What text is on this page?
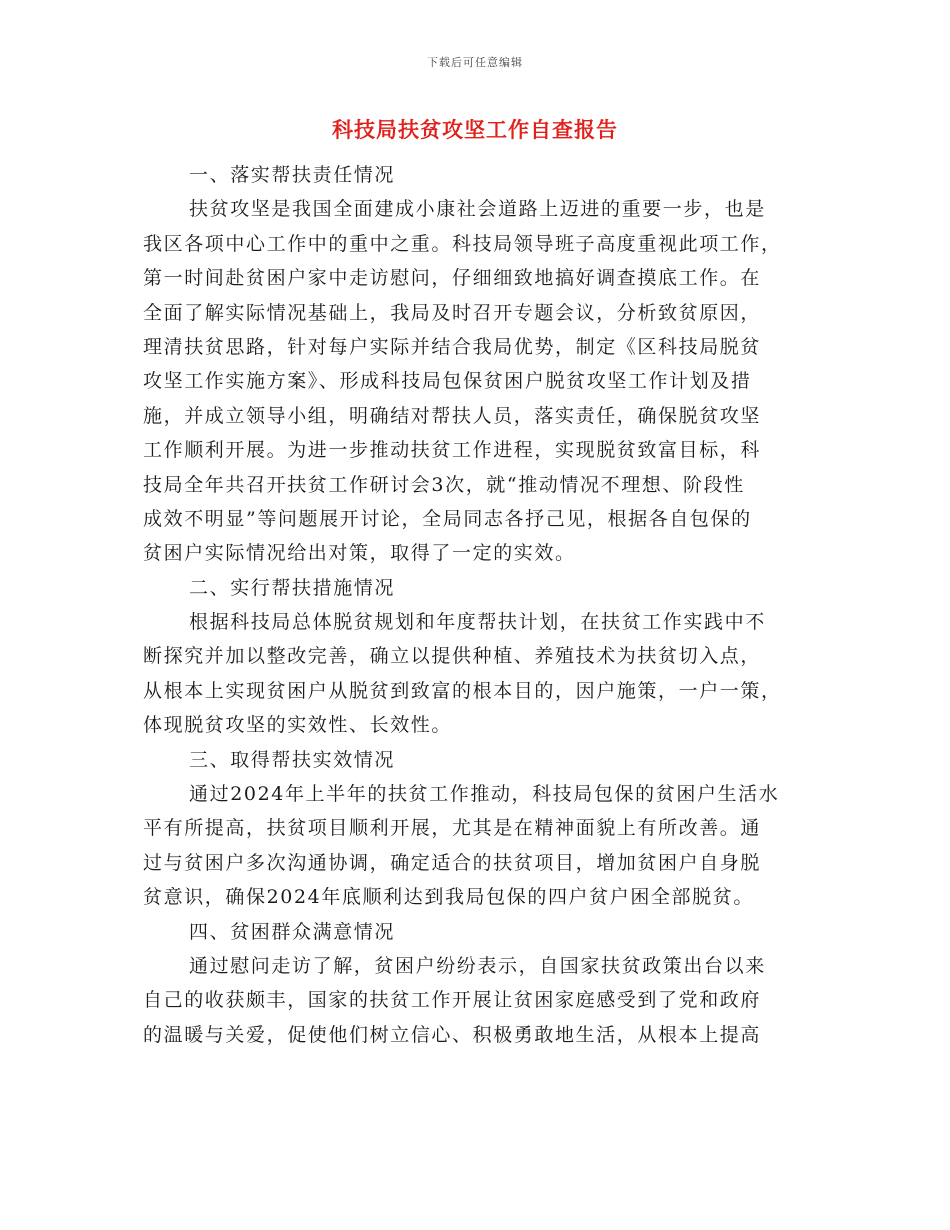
下载后可任意编辑
科技局扶贫攻坚工作自查报告
一、落实帮扶责任情况
扶贫攻坚是我国全面建成小康社会道路上迈进的重要一步，也是
我区各项中心工作中的重中之重。科技局领导班子高度重视此项工作，
第一时间赴贫困户家中走访慰问，仔细细致地搞好调查摸底工作。在
全面了解实际情况基础上，我局及时召开专题会议，分析致贫原因，
理清扶贫思路，针对每户实际并结合我局优势，制定《区科技局脱贫
攻坚工作实施方案》、形成科技局包保贫困户脱贫攻坚工作计划及措
施，并成立领导小组，明确结对帮扶人员，落实责任，确保脱贫攻坚
工作顺利开展。为进一步推动扶贫工作进程，实现脱贫致富目标，科
技局全年共召开扶贫工作研讨会3次，就“推动情况不理想、阶段性
成效不明显”等问题展开讨论，全局同志各抒己见，根据各自包保的
贫困户实际情况给出对策，取得了一定的实效。
二、实行帮扶措施情况
根据科技局总体脱贫规划和年度帮扶计划，在扶贫工作实践中不
断探究并加以整改完善，确立以提供种植、养殖技术为扶贫切入点，
从根本上实现贫困户从脱贫到致富的根本目的，因户施策，一户一策，
体现脱贫攻坚的实效性、长效性。
三、取得帮扶实效情况
通过2024年上半年的扶贫工作推动，科技局包保的贫困户生活水
平有所提高，扶贫项目顺利开展，尤其是在精神面貌上有所改善。通
过与贫困户多次沟通协调，确定适合的扶贫项目，增加贫困户自身脱
贫意识，确保2024年底顺利达到我局包保的四户贫户困全部脱贫。
四、贫困群众满意情况
通过慰问走访了解，贫困户纷纷表示，自国家扶贫政策出台以来
自己的收获颇丰，国家的扶贫工作开展让贫困家庭感受到了党和政府
的温暖与关爱，促使他们树立信心、积极勇敢地生活，从根本上提高
